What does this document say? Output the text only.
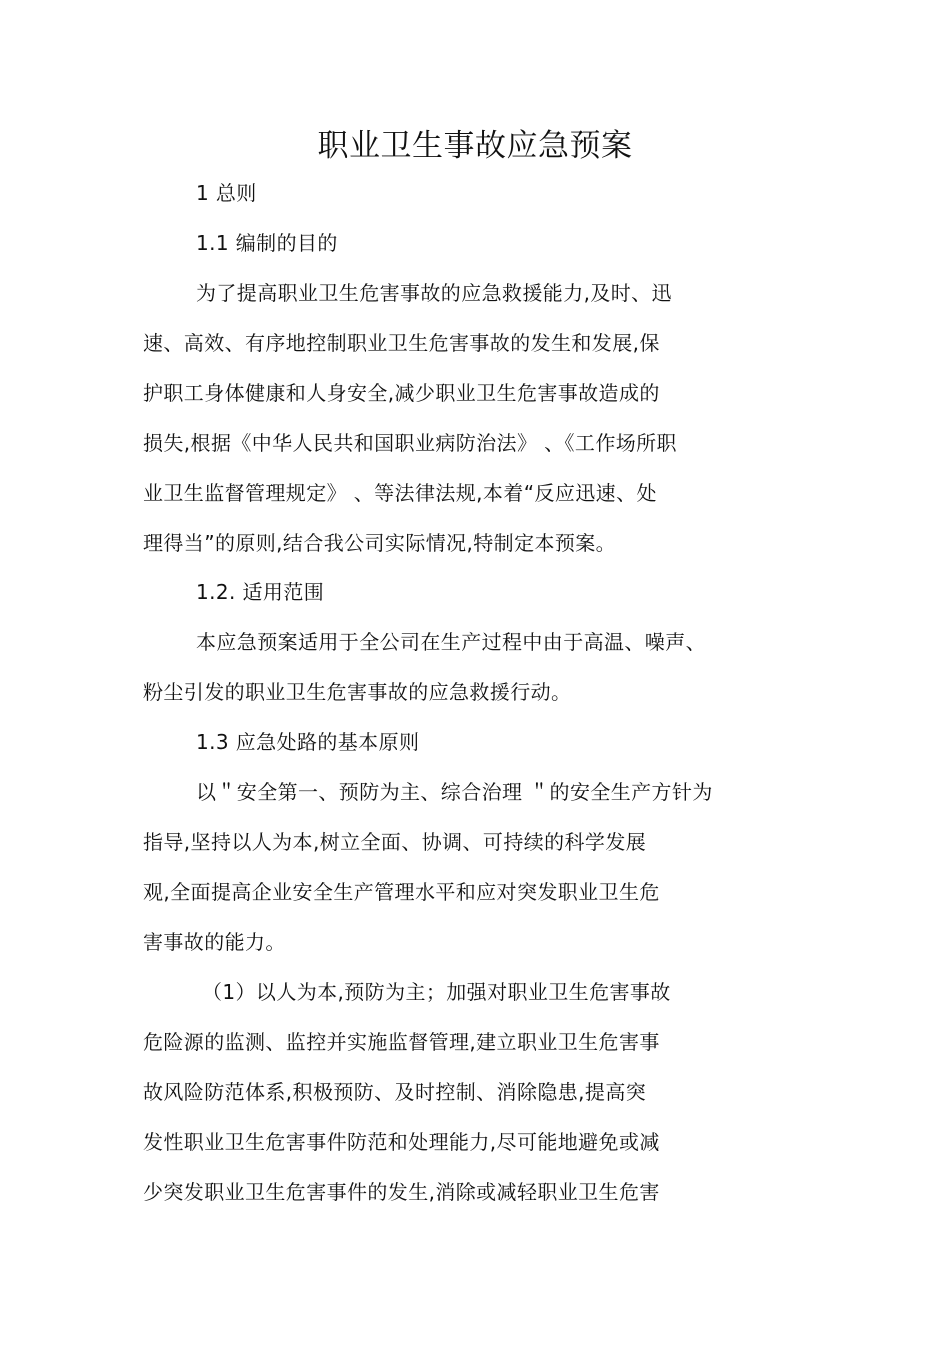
职业卫生事故应急预案
1 总则
1.1 编制的目的
为了提高职业卫生危害事故的应急救援能力,及时、迅
速、高效、有序地控制职业卫生危害事故的发生和发展,保
护职工身体健康和人身安全,减少职业卫生危害事故造成的
损失,根据《中华人民共和国职业病防治法》 、《工作场所职
业卫生监督管理规定》 、等法律法规,本着“反应迅速、处
理得当”的原则,结合我公司实际情况,特制定本预案。
1.2. 适用范围
本应急预案适用于全公司在生产过程中由于高温、噪声、
粉尘引发的职业卫生危害事故的应急救援行动。
1.3 应急处路的基本原则
以＂安全第一、预防为主、综合治理 ＂的安全生产方针为
指导,坚持以人为本,树立全面、协调、可持续的科学发展
观,全面提高企业安全生产管理水平和应对突发职业卫生危
害事故的能力。
（1）以人为本,预防为主；加强对职业卫生危害事故
危险源的监测、监控并实施监督管理,建立职业卫生危害事
故风险防范体系,积极预防、及时控制、消除隐患,提高突
发性职业卫生危害事件防范和处理能力,尽可能地避免或减
少突发职业卫生危害事件的发生,消除或减轻职业卫生危害
